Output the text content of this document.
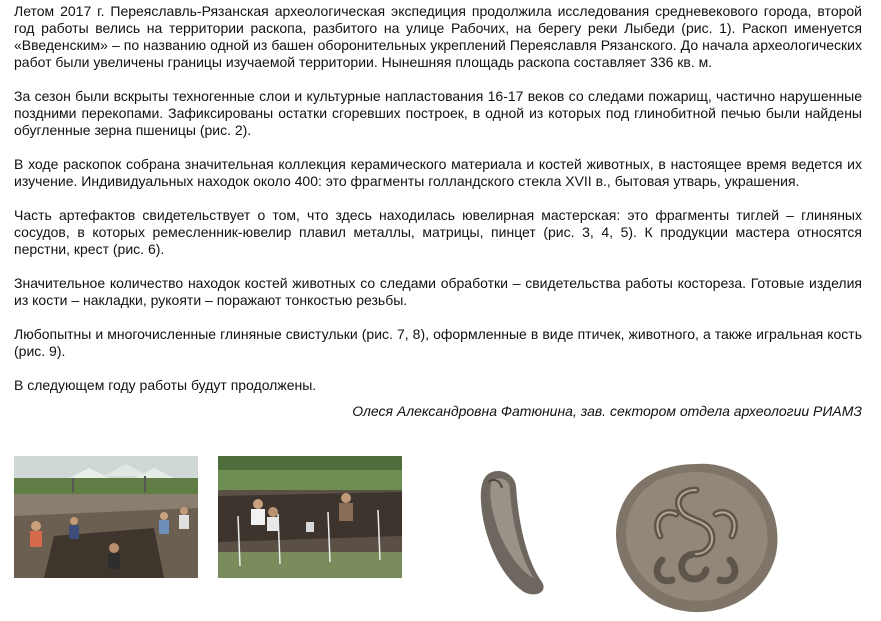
Летом 2017 г. Переяславль-Рязанская археологическая экспедиция продолжила исследования средневекового города, второй год работы велись на территории раскопа, разбитого на улице Рабочих, на берегу реки Лыбеди (рис. 1). Раскоп именуется «Введенским» – по названию одной из башен оборонительных укреплений Переяславля Рязанского. До начала археологических работ были увеличены границы изучаемой территории. Нынешняя площадь раскопа составляет 336 кв. м.

За сезон были вскрыты техногенные слои и культурные напластования 16-17 веков со следами пожарищ, частично нарушенные поздними перекопами. Зафиксированы остатки сгоревших построек, в одной из которых под глинобитной печью были найдены обугленные зерна пшеницы (рис. 2).

В ходе раскопок собрана значительная коллекция керамического материала и костей животных, в настоящее время ведется их изучение. Индивидуальных находок около 400: это фрагменты голландского стекла XVII в., бытовая утварь, украшения.

Часть артефактов свидетельствует о том, что здесь находилась ювелирная мастерская: это фрагменты тиглей – глиняных сосудов, в которых ремесленник-ювелир плавил металлы, матрицы, пинцет (рис. 3, 4, 5). К продукции мастера относятся перстни, крест (рис. 6).

Значительное количество находок костей животных со следами обработки – свидетельства работы костореза. Готовые изделия из кости – накладки, рукояти – поражают тонкостью резьбы.

Любопытны и многочисленные глиняные свистульки (рис. 7, 8), оформленные в виде птичек, животного, а также игральная кость (рис. 9).

В следующем году работы будут продолжены.

Олеся Александровна Фатюнина, зав. сектором отдела археологии РИАМЗ
